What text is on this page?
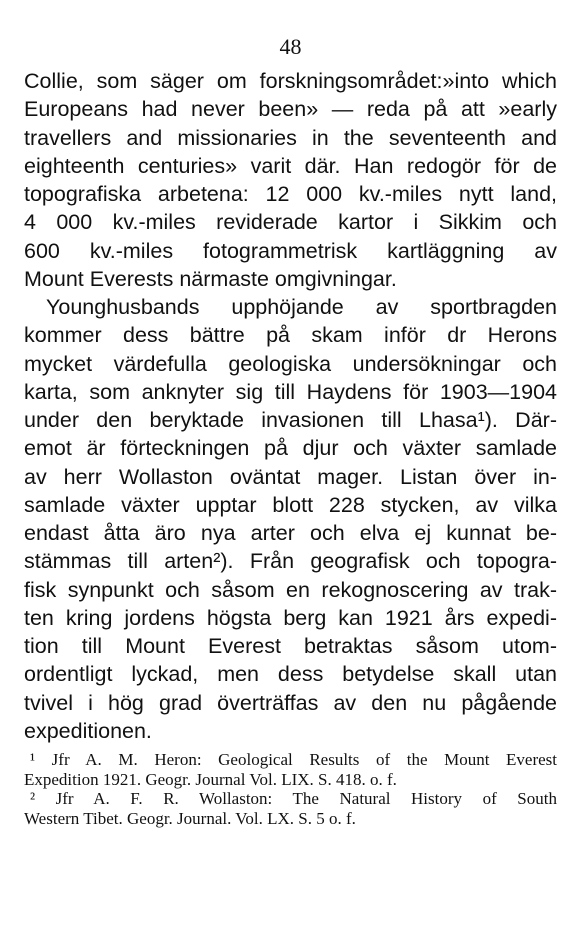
48
Collie, som säger om forskningsområdet:»into which
Europeans had never been» — reda på att »early
travellers and missionaries in the seventeenth and
eighteenth centuries» varit där. Han redogör för de
topografiska arbetena: 12 000 kv.-miles nytt land,
4 000 kv.-miles reviderade kartor i Sikkim och
600 kv.-miles fotogrammetrisk kartläggning av
Mount Everests närmaste omgivningar.
Younghusbands upphöjande av sportbragden
kommer dess bättre på skam inför dr Herons
mycket värdefulla geologiska undersökningar och
karta, som anknyter sig till Haydens för 1903—1904
under den beryktade invasionen till Lhasa¹). Där-
emot är förteckningen på djur och växter samlade
av herr Wollaston oväntat mager. Listan över in-
samlade växter upptar blott 228 stycken, av vilka
endast åtta äro nya arter och elva ej kunnat be-
stämmas till arten²). Från geografisk och topogra-
fisk synpunkt och såsom en rekognoscering av trak-
ten kring jordens högsta berg kan 1921 års expedi-
tion till Mount Everest betraktas såsom utom-
ordentligt lyckad, men dess betydelse skall utan
tvivel i hög grad överträffas av den nu pågående
expeditionen.
¹ Jfr A. M. Heron: Geological Results of the Mount Everest
Expedition 1921. Geogr. Journal Vol. LIX. S. 418. o. f.
² Jfr A. F. R. Wollaston: The Natural History of South
Western Tibet. Geogr. Journal. Vol. LX. S. 5 o. f.
